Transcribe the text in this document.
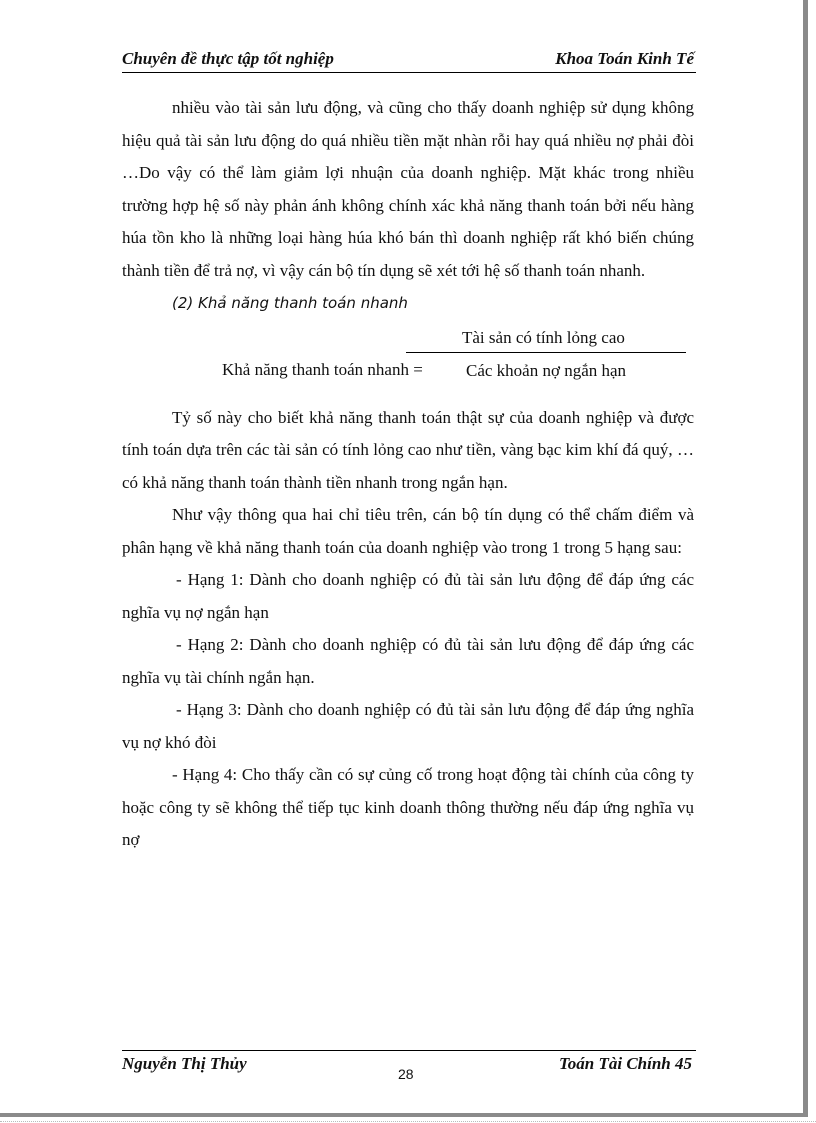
Chuyên đề thực tập tốt nghiệp	Khoa Toán Kinh Tế

nhiều vào tài sản lưu động, và cũng cho thấy doanh nghiệp sử dụng không hiệu quả tài sản lưu động do quá nhiều tiền mặt nhàn rỗi hay quá nhiều nợ phải đòi …Do vậy có thể làm giảm lợi nhuận của doanh nghiệp. Mặt khác trong nhiều trường hợp hệ số này phản ánh không chính xác khả năng thanh toán bởi nếu hàng húa tồn kho là những loại hàng húa khó bán thì doanh nghiệp rất khó biến chúng thành tiền để trả nợ, vì vậy cán bộ tín dụng sẽ xét tới hệ số thanh toán nhanh.

(2) Khả năng thanh toán nhanh

Khả năng thanh toán nhanh =
Tài sản có tính lỏng cao
Các khoản nợ ngắn hạn

Tỷ số này cho biết khả năng thanh toán thật sự của doanh nghiệp và được tính toán dựa trên các tài sản có tính lỏng cao như tiền, vàng bạc kim khí đá quý, … có khả năng thanh toán thành tiền nhanh trong ngắn hạn.

Như vậy thông qua hai chỉ tiêu trên, cán bộ tín dụng có thể chấm điểm và phân hạng về khả năng thanh toán của doanh nghiệp vào trong 1 trong 5 hạng sau:

- Hạng 1: Dành cho doanh nghiệp có đủ tài sản lưu động để đáp ứng các nghĩa vụ nợ ngắn hạn

- Hạng 2: Dành cho doanh nghiệp có đủ tài sản lưu động để đáp ứng các nghĩa vụ tài chính ngắn hạn.

- Hạng 3: Dành cho doanh nghiệp có đủ tài sản lưu động để đáp ứng nghĩa vụ nợ khó đòi

- Hạng 4: Cho thấy cần có sự củng cố trong hoạt động tài chính của công ty hoặc công ty sẽ không thể tiếp tục kinh doanh thông thường nếu đáp ứng nghĩa vụ nợ

Nguyễn Thị Thủy
28
Toán Tài Chính 45
